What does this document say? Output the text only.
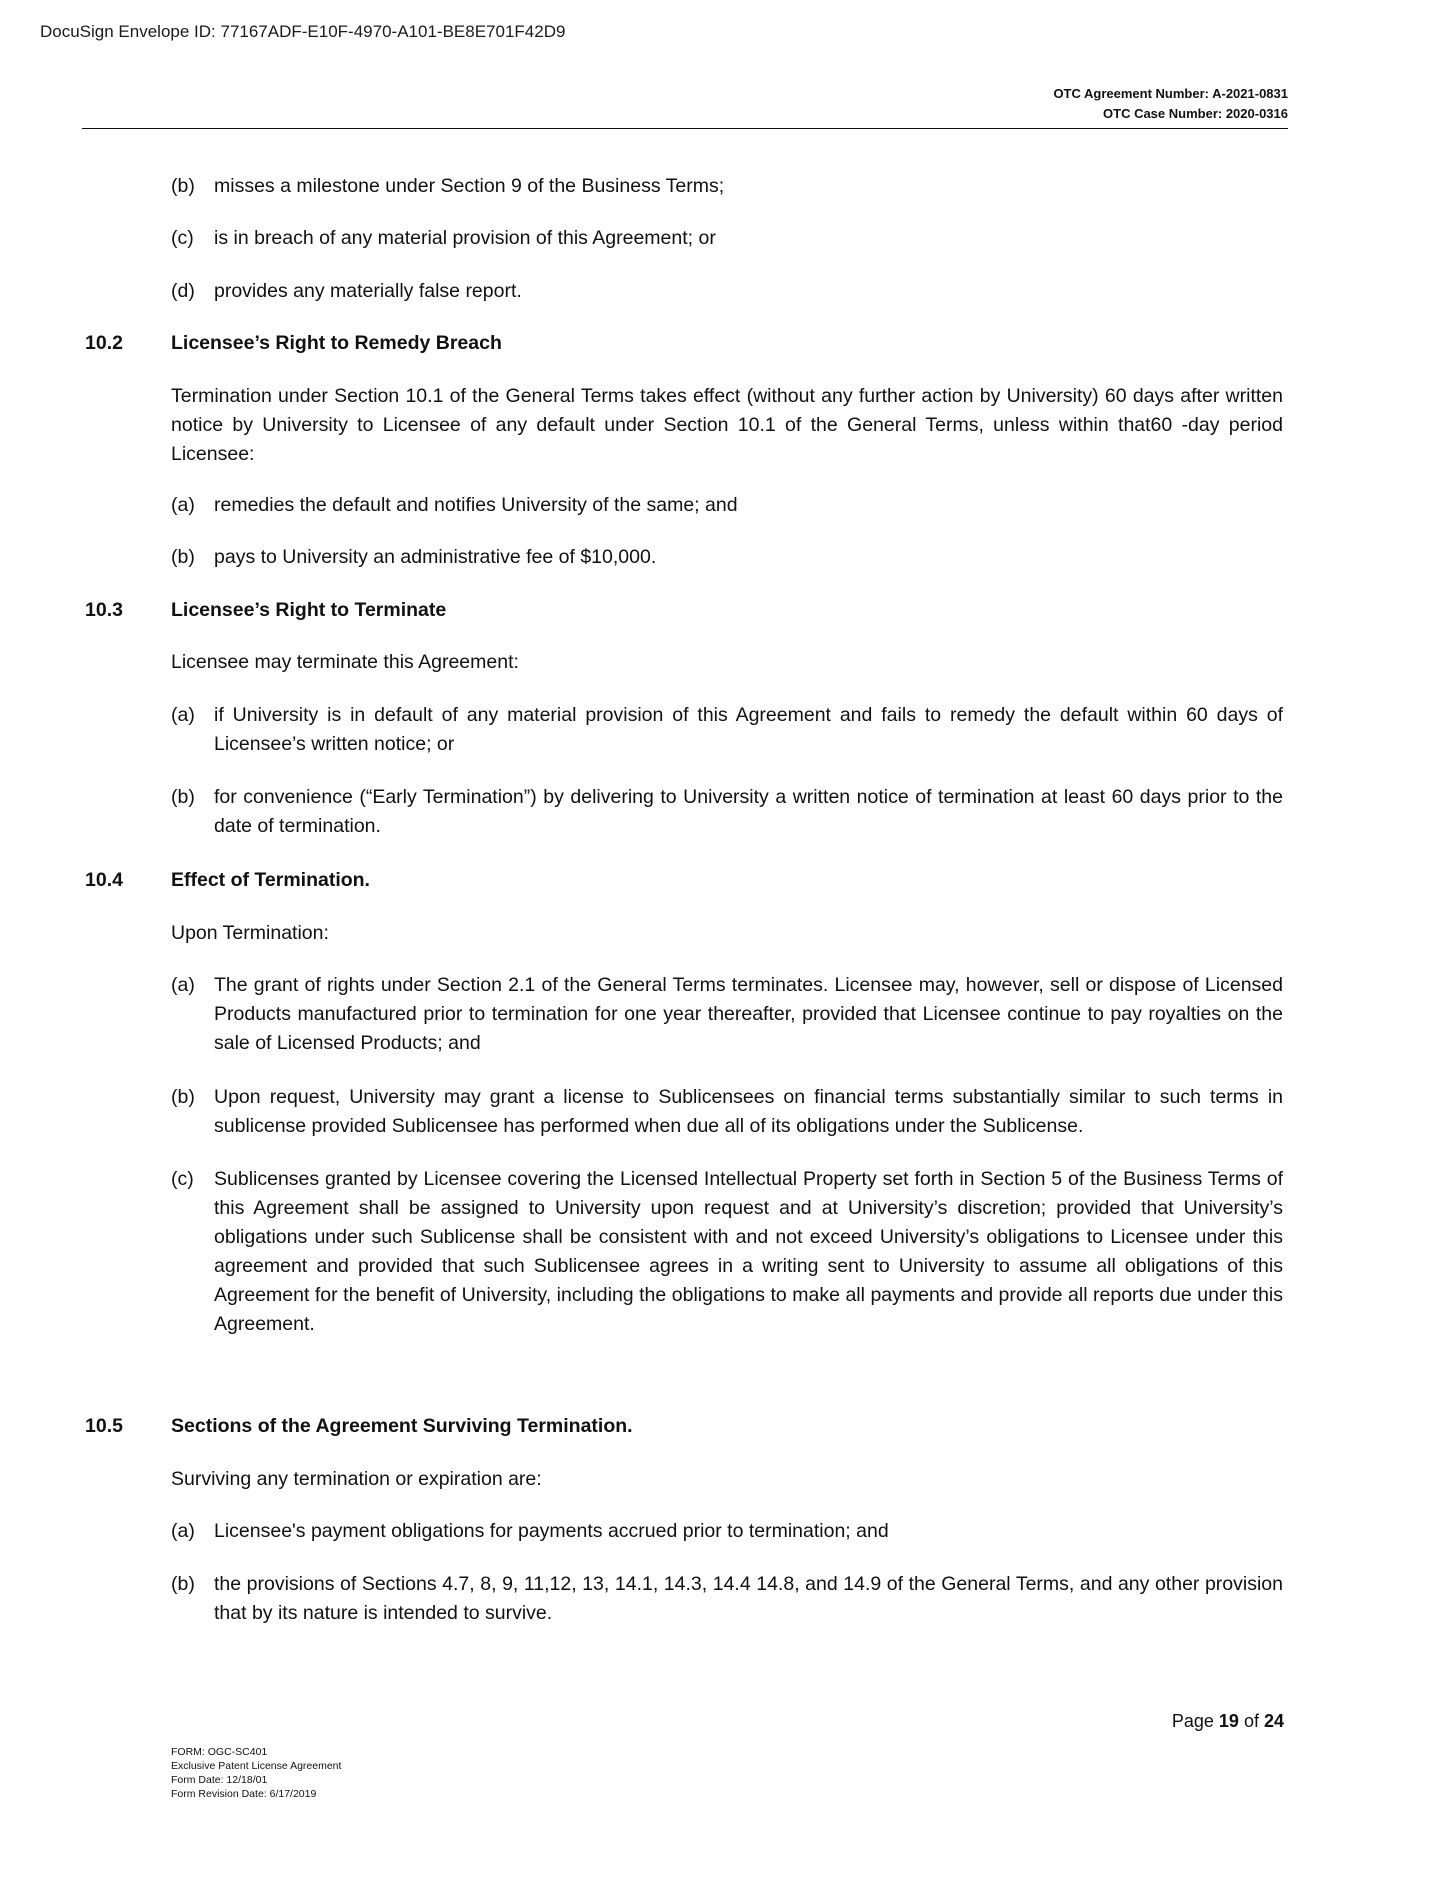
DocuSign Envelope ID: 77167ADF-E10F-4970-A101-BE8E701F42D9
OTC Agreement Number: A-2021-0831
OTC Case Number: 2020-0316
(b) misses a milestone under Section 9 of the Business Terms;
(c) is in breach of any material provision of this Agreement; or
(d) provides any materially false report.
10.2 Licensee’s Right to Remedy Breach
Termination under Section 10.1 of the General Terms takes effect (without any further action by University) 60 days after written notice by University to Licensee of any default under Section 10.1 of the General Terms, unless within that60 -day period Licensee:
(a) remedies the default and notifies University of the same; and
(b) pays to University an administrative fee of $10,000.
10.3 Licensee’s Right to Terminate
Licensee may terminate this Agreement:
(a) if University is in default of any material provision of this Agreement and fails to remedy the default within 60 days of Licensee’s written notice; or
(b) for convenience (“Early Termination”) by delivering to University a written notice of termination at least 60 days prior to the date of termination.
10.4 Effect of Termination.
Upon Termination:
(a) The grant of rights under Section 2.1 of the General Terms terminates. Licensee may, however, sell or dispose of Licensed Products manufactured prior to termination for one year thereafter, provided that Licensee continue to pay royalties on the sale of Licensed Products; and
(b) Upon request, University may grant a license to Sublicensees on financial terms substantially similar to such terms in sublicense provided Sublicensee has performed when due all of its obligations under the Sublicense.
(c) Sublicenses granted by Licensee covering the Licensed Intellectual Property set forth in Section 5 of the Business Terms of this Agreement shall be assigned to University upon request and at University’s discretion; provided that University’s obligations under such Sublicense shall be consistent with and not exceed University’s obligations to Licensee under this agreement and provided that such Sublicensee agrees in a writing sent to University to assume all obligations of this Agreement for the benefit of University, including the obligations to make all payments and provide all reports due under this Agreement.
10.5 Sections of the Agreement Surviving Termination.
Surviving any termination or expiration are:
(a) Licensee's payment obligations for payments accrued prior to termination; and
(b) the provisions of Sections 4.7, 8, 9, 11,12, 13, 14.1, 14.3, 14.4 14.8, and 14.9 of the General Terms, and any other provision that by its nature is intended to survive.
FORM: OGC-SC401
Exclusive Patent License Agreement
Form Date: 12/18/01
Form Revision Date: 6/17/2019
Page 19 of 24
